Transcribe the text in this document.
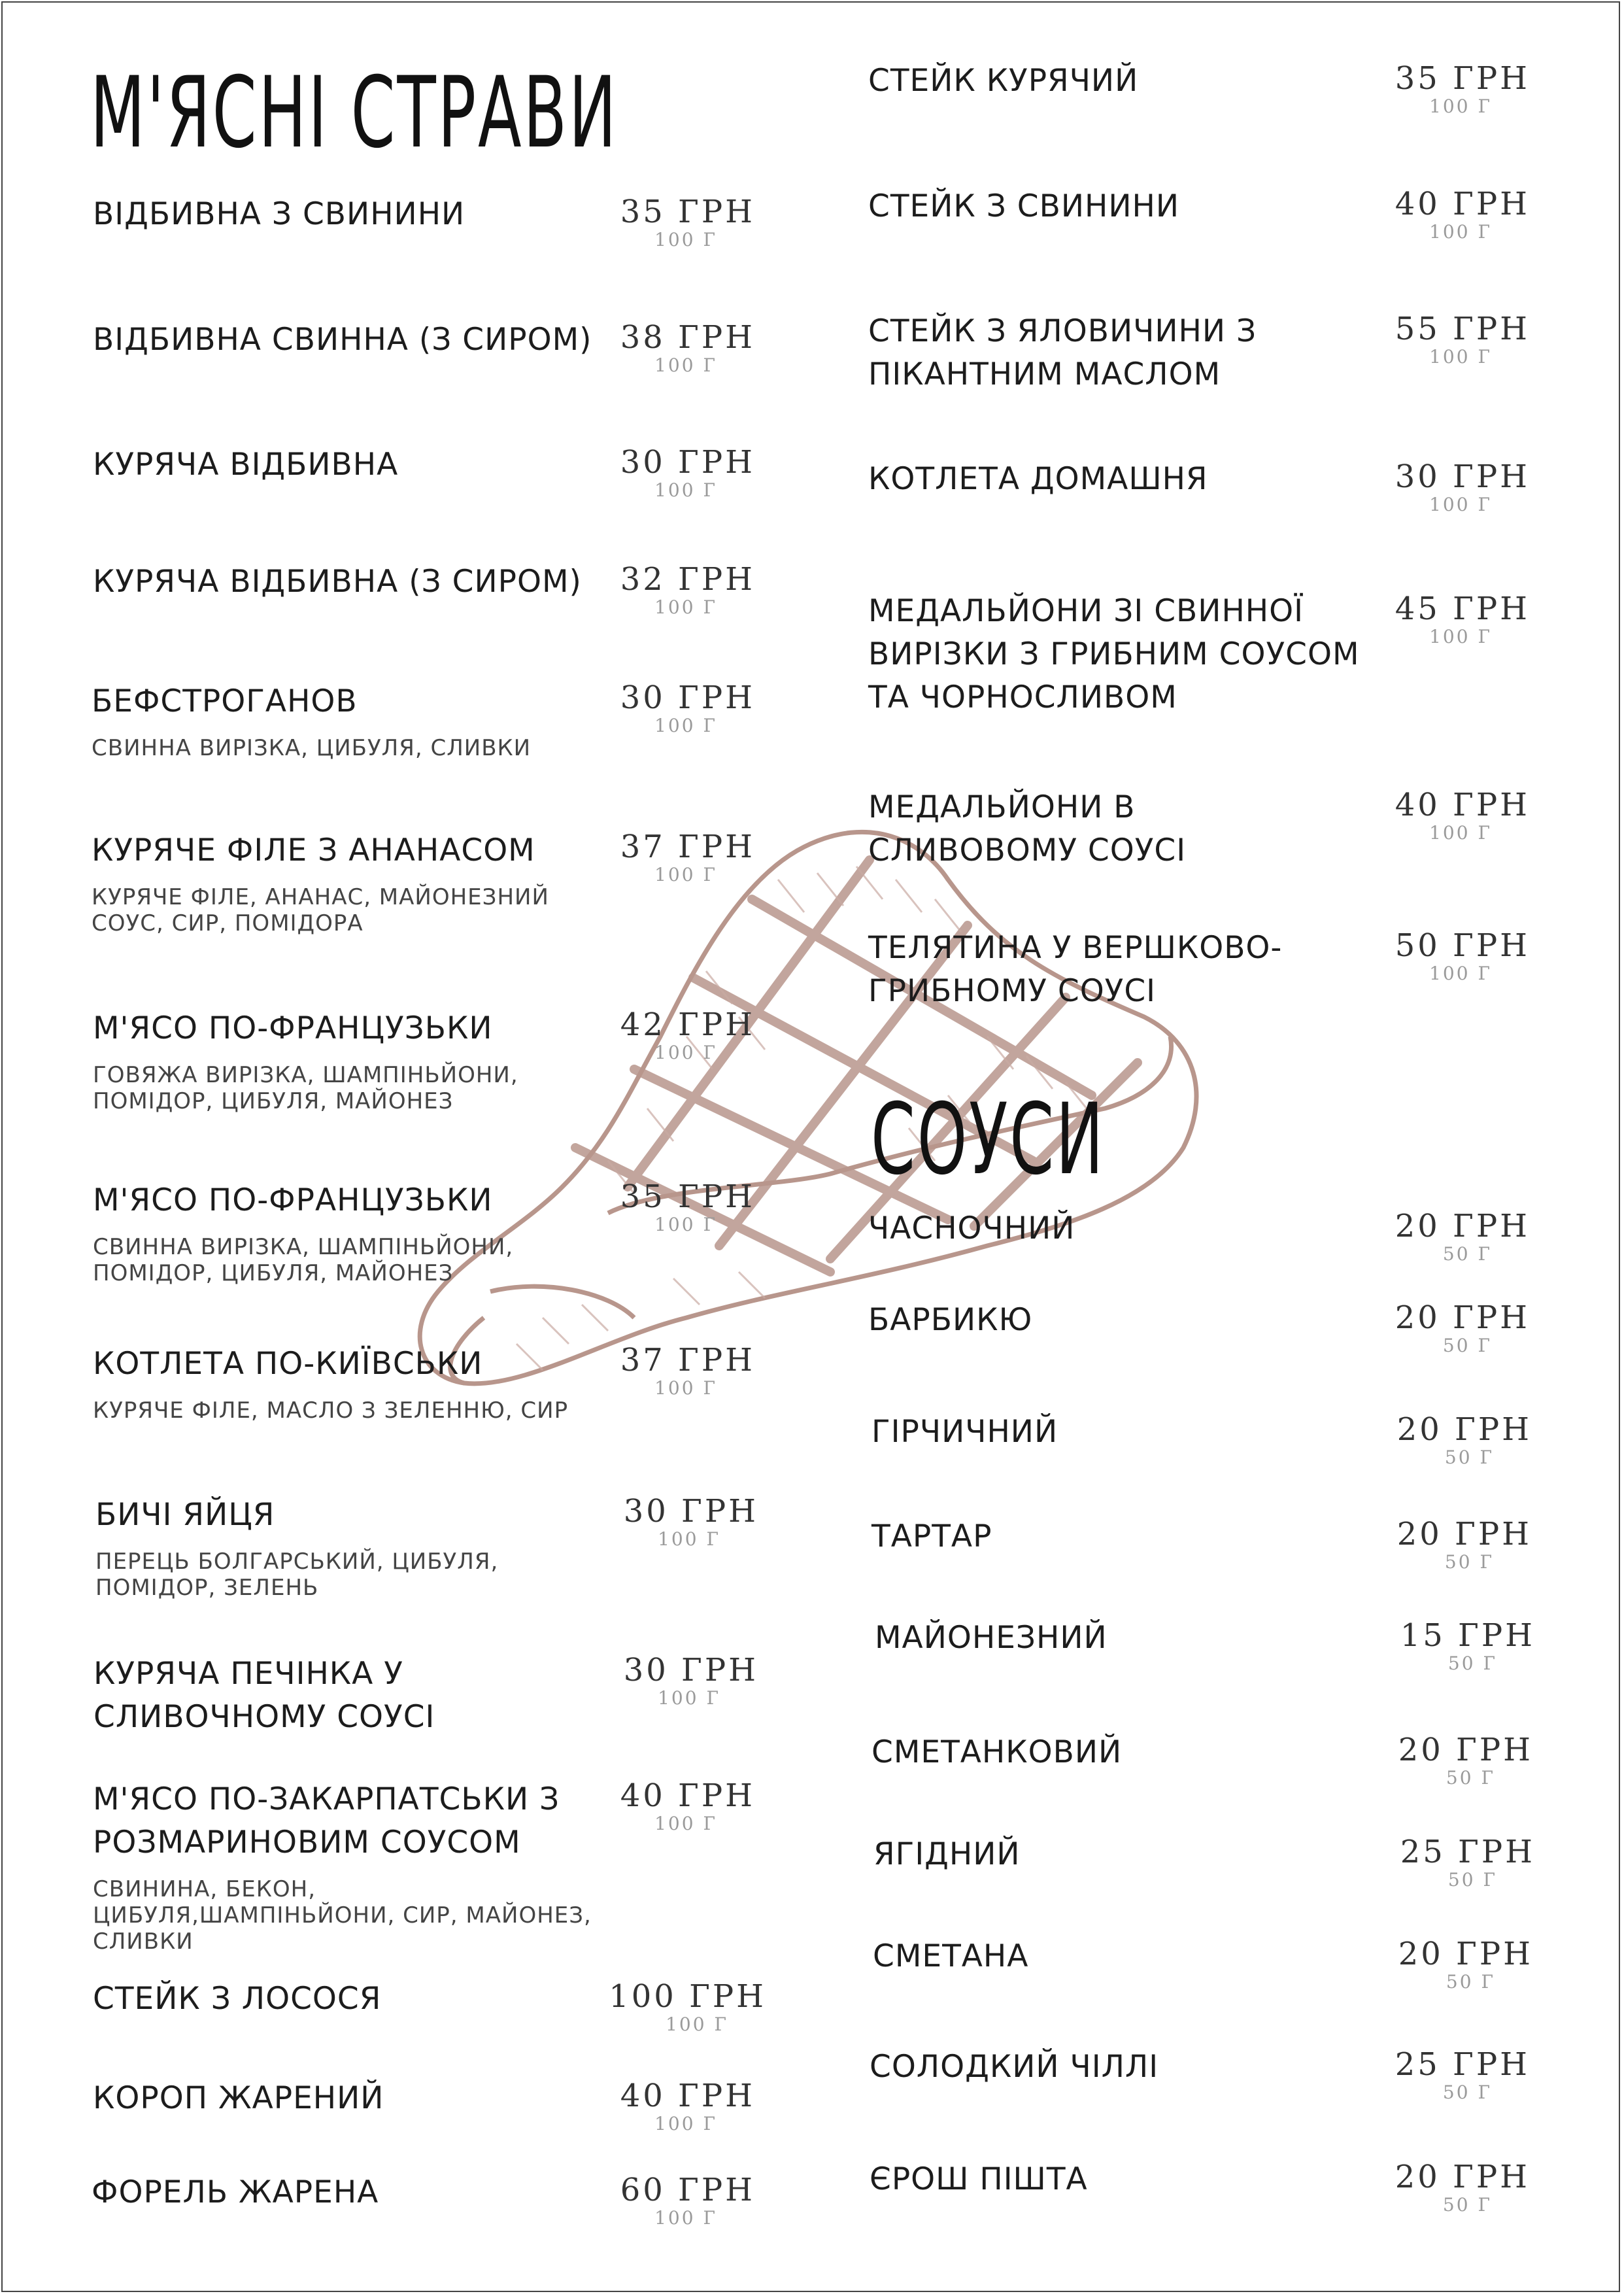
М'ЯСНІ СТРАВИ
СОУСИ
ВІДБИВНА З СВИНИНИ	35 ГРН
100 Г
ВІДБИВНА СВИННА (З СИРОМ) 38 ГРН
100 Г
КУРЯЧА ВІДБИВНА	30 ГРН
100 Г
КУРЯЧА ВІДБИВНА (З СИРОМ)	32 ГРН
100 Г
БЕФСТРОГАНОВ
СВИННА ВИРІЗКА, ЦИБУЛЯ, СЛИВКИ
30 ГРН
100 Г
КУРЯЧЕ ФІЛЕ З АНАНАСОМ
КУРЯЧЕ ФІЛЕ, АНАНАС, МАЙОНЕЗНИЙ СОУС, СИР, ПОМІДОРА
37 ГРН
100 Г
М'ЯСО ПО-ФРАНЦУЗЬКИ
ГОВЯЖА ВИРІЗКА, ШАМПІНЬЙОНИ, ПОМІДОР, ЦИБУЛЯ, МАЙОНЕЗ
42 ГРН
100 Г
М'ЯСО ПО-ФРАНЦУЗЬКИ
СВИННА ВИРІЗКА, ШАМПІНЬЙОНИ, ПОМІДОР, ЦИБУЛЯ, МАЙОНЕЗ
35 ГРН
100 Г
КОТЛЕТА ПО-КИЇВСЬКИ
КУРЯЧЕ ФІЛЕ, МАСЛО З ЗЕЛЕННЮ, СИР
37 ГРН
100 Г
БИЧІ ЯЙЦЯ
ПЕРЕЦЬ БОЛГАРСЬКИЙ, ЦИБУЛЯ, ПОМІДОР, ЗЕЛЕНЬ
30 ГРН
100 Г
КУРЯЧА ПЕЧІНКА У СЛИВОЧНОМУ СОУСІ
30 ГРН
100 Г
М'ЯСО ПО-ЗАКАРПАТСЬКИ З РОЗМАРИНОВИМ СОУСОМ
СВИНИНА, БЕКОН, ЦИБУЛЯ,ШАМПІНЬЙОНИ, СИР, МАЙОНЕЗ, СЛИВКИ
40 ГРН
100 Г
СТЕЙК З ЛОСОСЯ	100 ГРН
100 Г
КОРОП ЖАРЕНИЙ	40 ГРН
100 Г
ФОРЕЛЬ ЖАРЕНА	60 ГРН
100 Г
СТЕЙК КУРЯЧИЙ	35 ГРН
100 Г
СТЕЙК З СВИНИНИ	40 ГРН
100 Г
СТЕЙК З ЯЛОВИЧИНИ З ПІКАНТНИМ МАСЛОМ
55 ГРН
100 Г
КОТЛЕТА ДОМАШНЯ	30 ГРН
100 Г
МЕДАЛЬЙОНИ ЗІ СВИННОЇ ВИРІЗКИ З ГРИБНИМ СОУСОМ ТА ЧОРНОСЛИВОМ
45 ГРН
100 Г
МЕДАЛЬЙОНИ В СЛИВОВОМУ СОУСІ
40 ГРН
100 Г
ТЕЛЯТИНА У ВЕРШКОВО-ГРИБНОМУ СОУСІ
50 ГРН
100 Г
ЧАСНОЧНИЙ	20 ГРН
50 Г
БАРБИКЮ	20 ГРН
50 Г
ГІРЧИЧНИЙ	20 ГРН
50 Г
ТАРТАР	20 ГРН
50 Г
МАЙОНЕЗНИЙ	15 ГРН
50 Г
СМЕТАНКОВИЙ	20 ГРН
50 Г
ЯГІДНИЙ	25 ГРН
50 Г
СМЕТАНА	20 ГРН
50 Г
СОЛОДКИЙ ЧІЛЛІ	25 ГРН
50 Г
ЄРОШ ПІШТА	20 ГРН
50 Г
